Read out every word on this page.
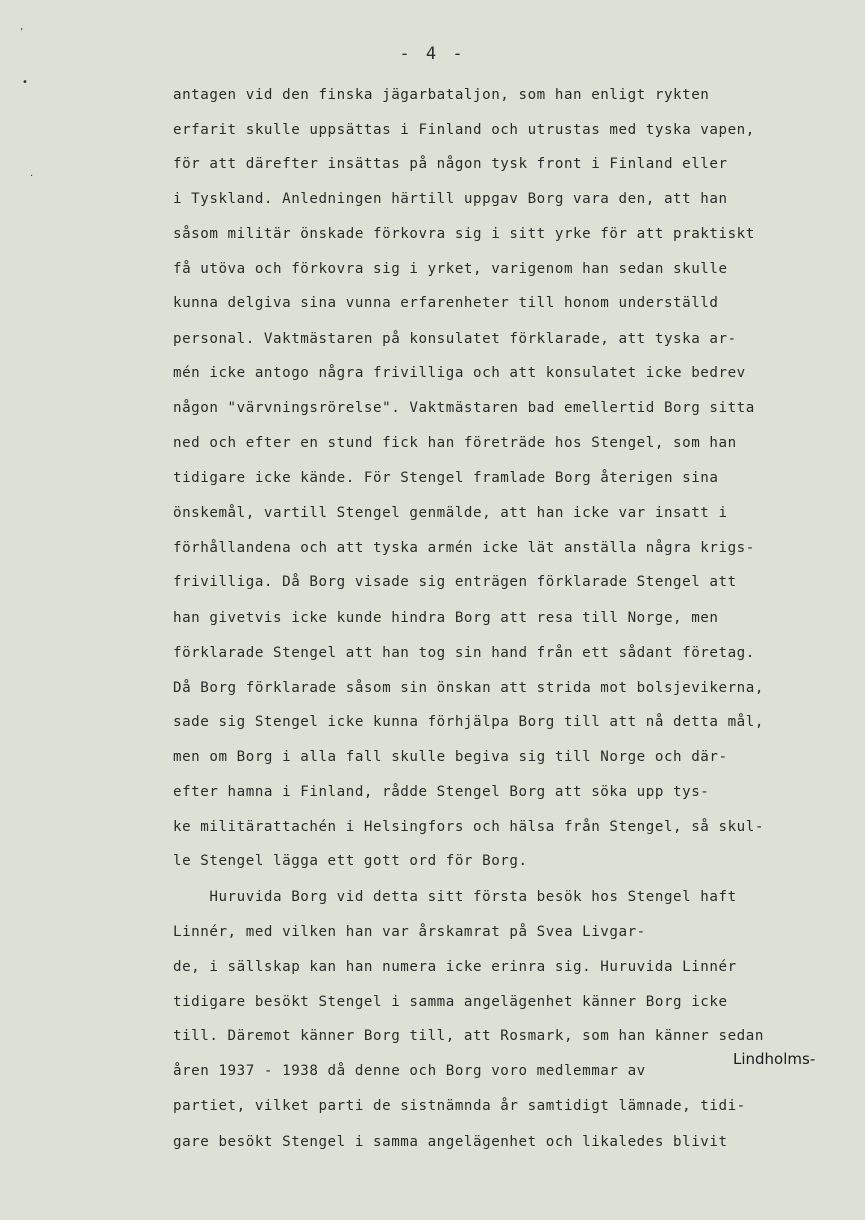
’
•
·
- 4 -
antagen vid den finska jägarbataljon, som han enligt rykten
erfarit skulle uppsättas i Finland och utrustas med tyska vapen,
för att därefter insättas på någon tysk front i Finland eller
i Tyskland. Anledningen härtill uppgav Borg vara den, att han
såsom militär önskade förkovra sig i sitt yrke för att praktiskt
få utöva och förkovra sig i yrket, varigenom han sedan skulle
kunna delgiva sina vunna erfarenheter till honom underställd
personal. Vaktmästaren på konsulatet förklarade, att tyska ar-
mén icke antogo några frivilliga och att konsulatet icke bedrev
någon "värvningsrörelse". Vaktmästaren bad emellertid Borg sitta
ned och efter en stund fick han företräde hos Stengel, som han
tidigare icke kände. För Stengel framlade Borg återigen sina
önskemål, vartill Stengel genmälde, att han icke var insatt i
förhållandena och att tyska armén icke lät anställa några krigs-
frivilliga. Då Borg visade sig enträgen förklarade Stengel att
han givetvis icke kunde hindra Borg att resa till Norge, men
förklarade Stengel att han tog sin hand från ett sådant företag.
Då Borg förklarade såsom sin önskan att strida mot bolsjevikerna,
sade sig Stengel icke kunna förhjälpa Borg till att nå detta mål,
men om Borg i alla fall skulle begiva sig till Norge och där-
efter hamna i Finland, rådde Stengel Borg att söka upp tys-
ke militärattachén i Helsingfors och hälsa från Stengel, så skul-
le Stengel lägga ett gott ord för Borg.
Huruvida Borg vid detta sitt första besök hos Stengel haft
Linnér, med vilken han var årskamrat på Svea Livgar-
de, i sällskap kan han numera icke erinra sig. Huruvida Linnér
tidigare besökt Stengel i samma angelägenhet känner Borg icke
till. Däremot känner Borg till, att Rosmark, som han känner sedan
åren 1937 - 1938 då denne och Borg voro medlemmar av
partiet, vilket parti de sistnämnda år samtidigt lämnade, tidi-
gare besökt Stengel i samma angelägenhet och likaledes blivit
Lindholms-
